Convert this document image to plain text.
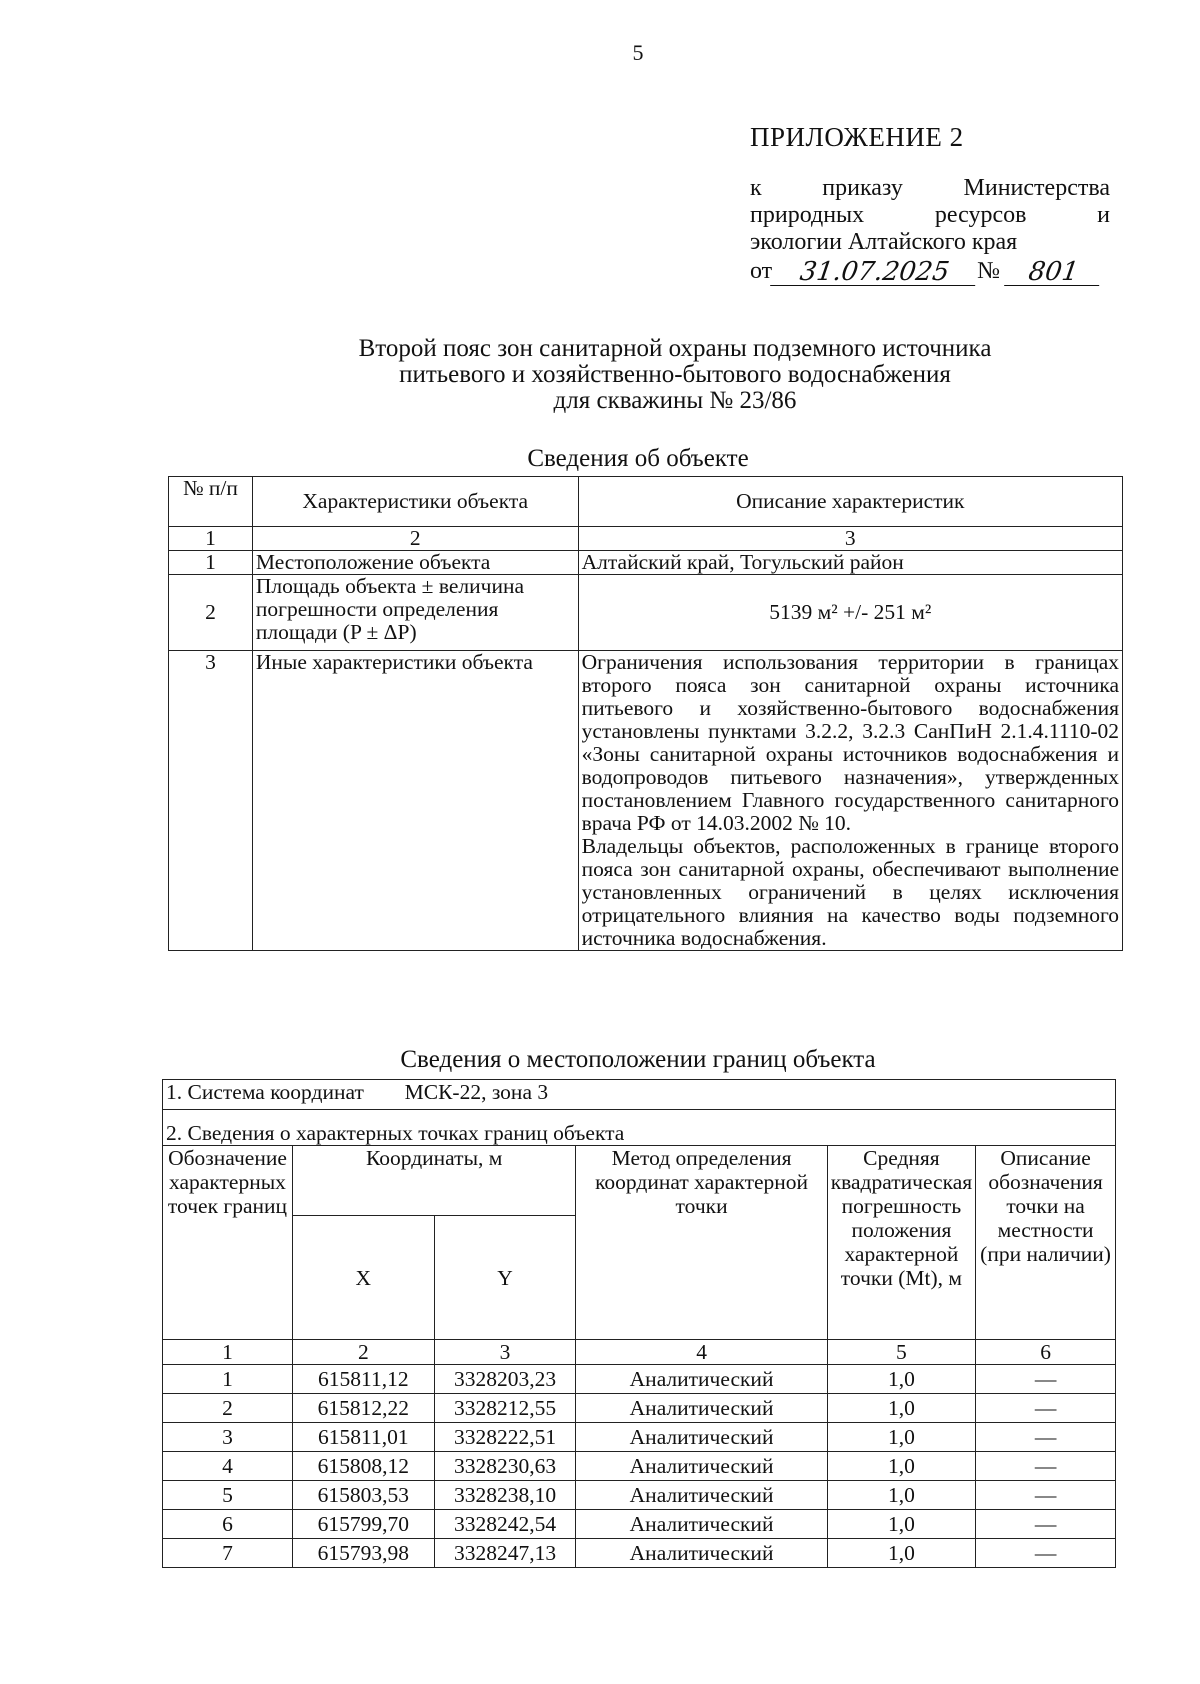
5
ПРИЛОЖЕНИЕ 2
к приказу Министерства
природных ресурсов и
экологии Алтайского края
от	31.07.2025	№	801
Второй пояс зон санитарной охраны подземного источника
питьевого и хозяйственно-бытового водоснабжения
для скважины № 23/86
Сведения об объекте
№ п/п	Характеристики объекта	Описание характеристик
1	2	3
1	Местоположение объекта	Алтайский край, Тогульский район
2	Площадь объекта ± величина погрешности определения площади (P ± ΔP)	5139 м² +/- 251 м²
3	Иные характеристики объекта	Ограничения использования территории в границах второго пояса зон санитарной охраны источника питьевого и хозяйственно-бытового водоснабжения установлены пунктами 3.2.2, 3.2.3 СанПиН 2.1.4.1110-02 «Зоны санитарной охраны источников водоснабжения и водопроводов питьевого назначения», утвержденных постановлением Главного государственного санитарного врача РФ от 14.03.2002 № 10.
Владельцы объектов, расположенных в границе второго пояса зон санитарной охраны, обеспечивают выполнение установленных ограничений в целях исключения отрицательного влияния на качество воды подземного источника водоснабжения.
Сведения о местоположении границ объекта
1. Система координат МСК-22, зона 3					
2. Сведения о характерных точках границ объекта					
Обозначение характерных точек границ	Координаты, м		Метод определения координат характерной точки	Средняя квадратическая погрешность положения характерной точки (Mt), м	Описание обозначения точки на местности (при наличии)
	X	Y			
1	2	3	4	5	6
1	615811,12	3328203,23	Аналитический	1,0	—
2	615812,22	3328212,55	Аналитический	1,0	—
3	615811,01	3328222,51	Аналитический	1,0	—
4	615808,12	3328230,63	Аналитический	1,0	—
5	615803,53	3328238,10	Аналитический	1,0	—
6	615799,70	3328242,54	Аналитический	1,0	—
7	615793,98	3328247,13	Аналитический	1,0	—
